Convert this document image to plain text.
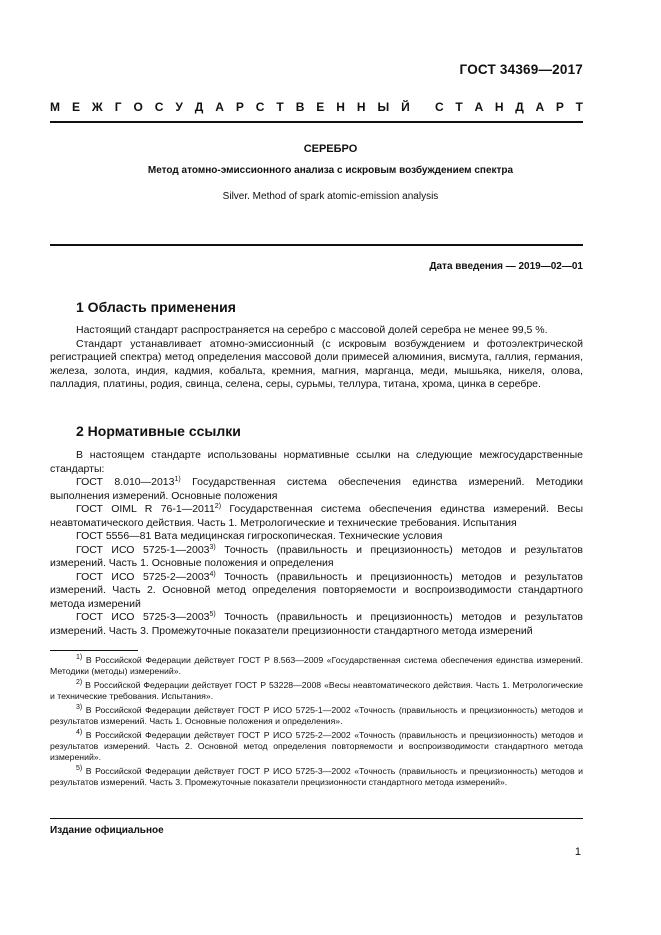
ГОСТ 34369—2017
М Е Ж Г О С У Д А Р С Т В Е Н Н Ы Й С Т А Н Д А Р Т
СЕРЕБРО
Метод атомно-эмиссионного анализа с искровым возбуждением спектра
Silver. Method of spark atomic-emission analysis
Дата введения — 2019—02—01
1 Область применения

Настоящий стандарт распространяется на серебро с массовой долей серебра не менее 99,5 %.

Стандарт устанавливает атомно-эмиссионный (с искровым возбуждением и фотоэлектрической регистрацией спектра) метод определения массовой доли примесей алюминия, висмута, галлия, германия, железа, золота, индия, кадмия, кобальта, кремния, магния, марганца, меди, мышьяка, никеля, олова, палладия, платины, родия, свинца, селена, серы, сурьмы, теллура, титана, хрома, цинка в серебре.

2 Нормативные ссылки

В настоящем стандарте использованы нормативные ссылки на следующие межгосударственные стандарты:

ГОСТ 8.010—2013$^{1)}$ Государственная система обеспечения единства измерений. Методики выполнения измерений. Основные положения

ГОСТ OIML R 76-1—2011$^{2)}$ Государственная система обеспечения единства измерений. Весы неавтоматического действия. Часть 1. Метрологические и технические требования. Испытания

ГОСТ 5556—81 Вата медицинская гигроскопическая. Технические условия

ГОСТ ИСО 5725-1—2003$^{3)}$ Точность (правильность и прецизионность) методов и результатов измерений. Часть 1. Основные положения и определения

ГОСТ ИСО 5725-2—2003$^{4)}$ Точность (правильность и прецизионность) методов и результатов измерений. Часть 2. Основной метод определения повторяемости и воспроизводимости стандартного метода измерений

ГОСТ ИСО 5725-3—2003$^{5)}$ Точность (правильность и прецизионность) методов и результатов измерений. Часть 3. Промежуточные показатели прецизионности стандартного метода измерений

$^{1)}$ В Российской Федерации действует ГОСТ Р 8.563—2009 «Государственная система обеспечения единства измерений. Методики (методы) измерений».

$^{2)}$ В Российской Федерации действует ГОСТ Р 53228—2008 «Весы неавтоматического действия. Часть 1. Метрологические и технические требования. Испытания».

$^{3)}$ В Российской Федерации действует ГОСТ Р ИСО 5725-1—2002 «Точность (правильность и прецизионность) методов и результатов измерений. Часть 1. Основные положения и определения».

$^{4)}$ В Российской Федерации действует ГОСТ Р ИСО 5725-2—2002 «Точность (правильность и прецизионность) методов и результатов измерений. Часть 2. Основной метод определения повторяемости и воспроизводимости стандартного метода измерений».

$^{5)}$ В Российской Федерации действует ГОСТ Р ИСО 5725-3—2002 «Точность (правильность и прецизионность) методов и результатов измерений. Часть 3. Промежуточные показатели прецизионности стандартного метода измерений».

Издание официальное
1
